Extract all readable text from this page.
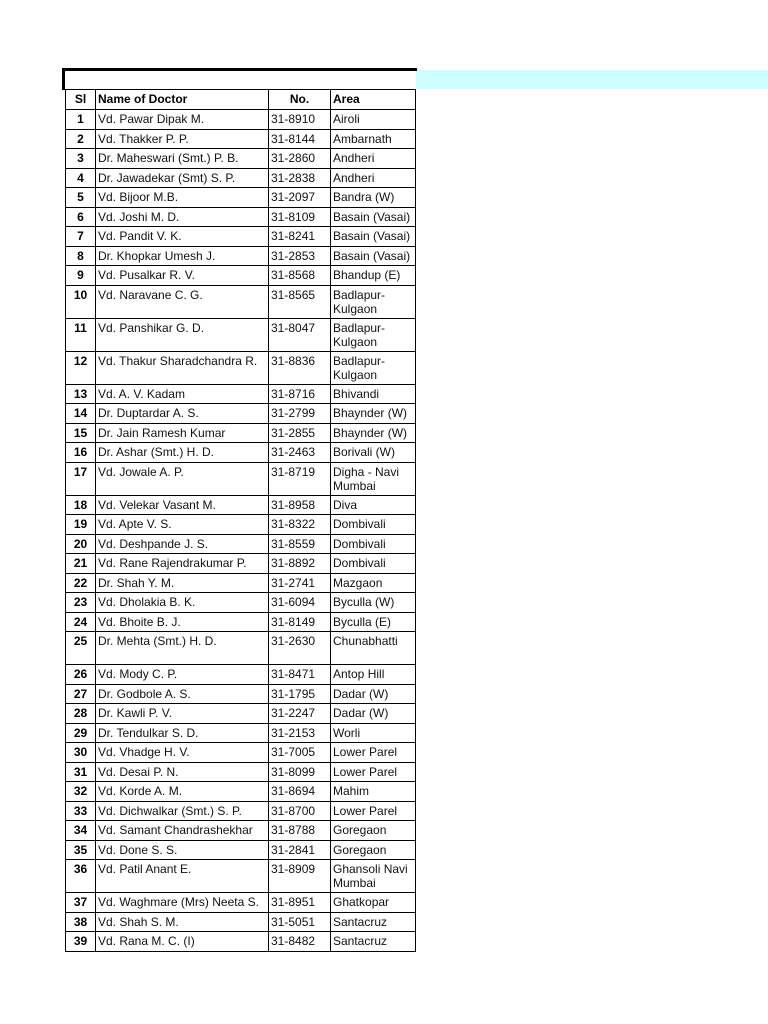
Sl	Name of Doctor	No.	Area
1	Vd. Pawar Dipak M.	31-8910	Airoli
2	Vd. Thakker P. P.	31-8144	Ambarnath
3	Dr. Maheswari (Smt.) P. B.	31-2860	Andheri
4	Dr. Jawadekar (Smt) S. P.	31-2838	Andheri
5	Vd. Bijoor M.B.	31-2097	Bandra (W)
6	Vd. Joshi M. D.	31-8109	Basain (Vasai)
7	Vd. Pandit V. K.	31-8241	Basain (Vasai)
8	Dr. Khopkar Umesh J.	31-2853	Basain (Vasai)
9	Vd. Pusalkar R. V.	31-8568	Bhandup (E)
10	Vd. Naravane C. G.	31-8565	Badlapur-Kulgaon
11	Vd. Panshikar G. D.	31-8047	Badlapur-Kulgaon
12	Vd. Thakur Sharadchandra R.	31-8836	Badlapur-Kulgaon
13	Vd. A. V. Kadam	31-8716	Bhivandi
14	Dr. Duptardar A. S.	31-2799	Bhaynder (W)
15	Dr. Jain Ramesh Kumar	31-2855	Bhaynder (W)
16	Dr. Ashar (Smt.) H. D.	31-2463	Borivali (W)
17	Vd. Jowale A. P.	31-8719	Digha - Navi Mumbai
18	Vd. Velekar Vasant M.	31-8958	Diva
19	Vd. Apte V. S.	31-8322	Dombivali
20	Vd. Deshpande J. S.	31-8559	Dombivali
21	Vd. Rane Rajendrakumar P.	31-8892	Dombivali
22	Dr. Shah Y. M.	31-2741	Mazgaon
23	Vd. Dholakia B. K.	31-6094	Byculla (W)
24	Vd. Bhoite B. J.	31-8149	Byculla (E)
25	Dr. Mehta (Smt.) H. D.	31-2630	Chunabhatti
26	Vd. Mody C. P.	31-8471	Antop Hill
27	Dr. Godbole A. S.	31-1795	Dadar (W)
28	Dr. Kawli P. V.	31-2247	Dadar (W)
29	Dr. Tendulkar S. D.	31-2153	Worli
30	Vd. Vhadge H. V.	31-7005	Lower Parel
31	Vd. Desai P. N.	31-8099	Lower Parel
32	Vd. Korde A. M.	31-8694	Mahim
33	Vd. Dichwalkar (Smt.) S. P.	31-8700	Lower Parel
34	Vd. Samant Chandrashekhar	31-8788	Goregaon
35	Vd. Done S. S.	31-2841	Goregaon
36	Vd. Patil Anant E.	31-8909	Ghansoli Navi Mumbai
37	Vd. Waghmare (Mrs) Neeta S.	31-8951	Ghatkopar
38	Vd. Shah S. M.	31-5051	Santacruz
39	Vd. Rana M. C. (I)	31-8482	Santacruz
